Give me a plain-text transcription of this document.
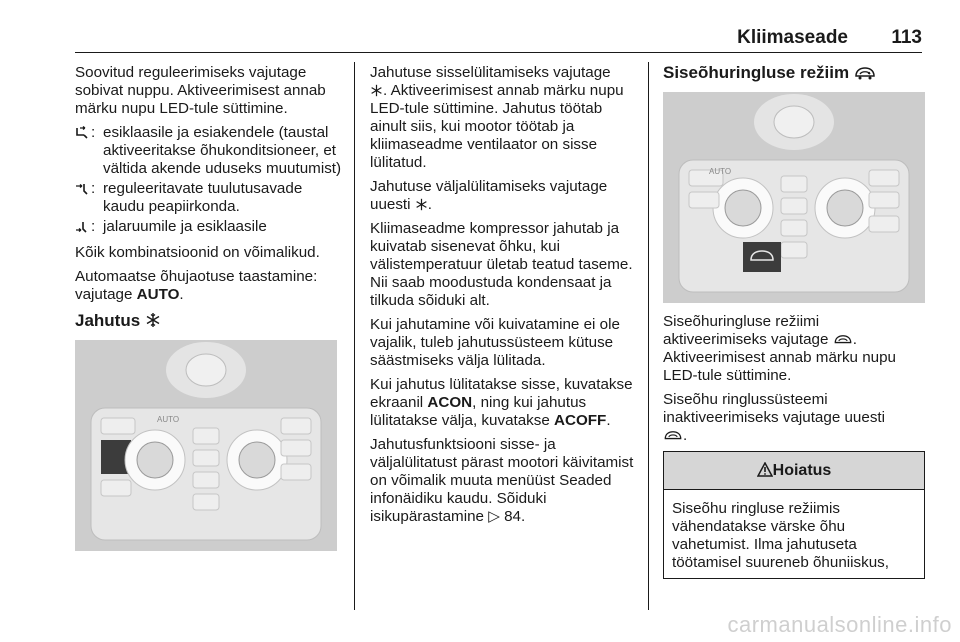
Kliimaseade 113

Soovitud reguleerimiseks vajutage sobivat nuppu. Aktiveerimisest annab märku nupu LED-tule süttimine.

: esiklaasile ja esiakendele (taustal aktiveeritakse õhukonditsioneer, et vältida akende uduseks muutumist)
: reguleeritavate tuulutusavade kaudu peapiirkonda.
: jalaruumile ja esiklaasile

Kõik kombinatsioonid on võimalikud.

Automaatse õhujaotuse taastamine: vajutage AUTO.

Jahutus
AUTO

Jahutuse sisselülitamiseks vajutage
. Aktiveerimisest annab märku nupu LED-tule süttimine. Jahutus töötab ainult siis, kui mootor töötab ja kliimaseadme ventilaator on sisse lülitatud.

Jahutuse väljalülitamiseks vajutage uuesti .

Kliimaseadme kompressor jahutab ja kuivatab sisenevat õhku, kui välistemperatuur ületab teatud taseme. Nii saab moodustuda kondensaat ja tilkuda sõiduki alt.

Kui jahutamine või kuivatamine ei ole vajalik, tuleb jahutussüsteem kütuse säästmiseks välja lülitada.

Kui jahutus lülitatakse sisse, kuvatakse ekraanil ACON, ning kui jahutus lülitatakse välja, kuvatakse ACOFF.

Jahutusfunktsiooni sisse- ja väljalülitatust pärast mootori käivitamist on võimalik muuta menüüst Seaded infonäidiku kaudu. Sõiduki isikupärastamine ▷ 84.

Siseõhuringluse režiim
AUTO

Siseõhuringluse režiimi aktiveerimiseks vajutage . Aktiveerimisest annab märku nupu LED-tule süttimine.

Siseõhu ringlussüsteemi inaktiveerimiseks vajutage uuesti
.

Hoiatus
Siseõhu ringluse režiimis vähendatakse värske õhu vahetumist. Ilma jahutuseta töötamisel suureneb õhuniiskus,
carmanualsonline.info
